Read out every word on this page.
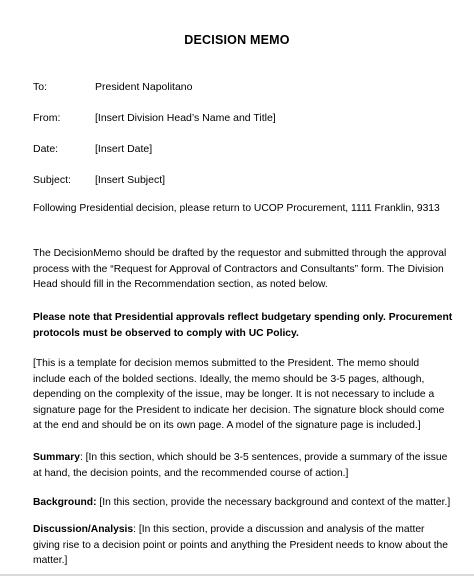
DECISION MEMO
To:	President Napolitano
From:	[Insert Division Head’s Name and Title]
Date:	[Insert Date]
Subject: [Insert Subject]
Following Presidential decision, please return to UCOP Procurement, 1111 Franklin, 9313
The DecisionMemo should be drafted by the requestor and submitted through the approval process with the “Request for Approval of Contractors and Consultants” form. The Division Head should fill in the Recommendation section, as noted below.
Please note that Presidential approvals reflect budgetary spending only. Procurement protocols must be observed to comply with UC Policy.
[This is a template for decision memos submitted to the President. The memo should include each of the bolded sections. Ideally, the memo should be 3-5 pages, although, depending on the complexity of the issue, may be longer. It is not necessary to include a signature page for the President to indicate her decision. The signature block should come at the end and should be on its own page. A model of the signature page is included.]
Summary: [In this section, which should be 3-5 sentences, provide a summary of the issue at hand, the decision points, and the recommended course of action.]
Background: [In this section, provide the necessary background and context of the matter.]
Discussion/Analysis: [In this section, provide a discussion and analysis of the matter giving rise to a decision point or points and anything the President needs to know about the matter.]
